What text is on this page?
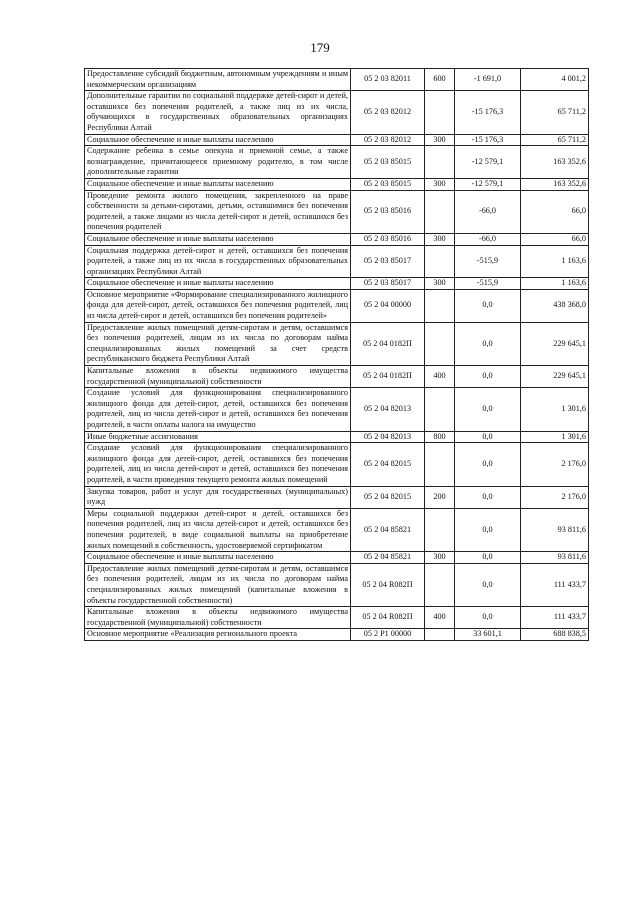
179
Предоставление субсидий бюджетным, автономным учреждениям и иным некоммерческим организациям	05 2 03 82011	600	-1 691,0	4 001,2
Дополнительные гарантии по социальной поддержке детей-сирот и детей, оставшихся без попечения родителей, а также лиц из их числа, обучающихся в государственных образовательных организациях Республики Алтай	05 2 03 82012		-15 176,3	65 711,2
Социальное обеспечение и иные выплаты населению	05 2 03 82012	300	-15 176,3	65 711,2
Содержание ребенка в семье опекуна и приемной семье, а также вознаграждение, причитающееся приемному родителю, в том числе дополнительные гарантии	05 2 03 85015		-12 579,1	163 352,6
Социальное обеспечение и иные выплаты населению	05 2 03 85015	300	-12 579,1	163 352,6
Проведение ремонта жилого помещения, закрепленного на праве собственности за детьми-сиротами, детьми, оставшимися без попечения родителей, а также лицами из числа детей-сирот и детей, оставшихся без попечения родителей	05 2 03 85016		-66,0	66,0
Социальное обеспечение и иные выплаты населению	05 2 03 85016	300	-66,0	66,0
Социальная поддержка детей-сирот и детей, оставшихся без попечения родителей, а также лиц из их числа в государственных образовательных организациях Республики Алтай	05 2 03 85017		-515,9	1 163,6
Социальное обеспечение и иные выплаты населению	05 2 03 85017	300	-515,9	1 163,6
Основное мероприятие «Формирование специализированного жилищного фонда для детей-сирот, детей, оставшихся без попечения родителей, лиц из числа детей-сирот и детей, оставшихся без попечения родителей»	05 2 04 00000		0,0	438 368,0
Предоставление жилых помещений детям-сиротам и детям, оставшимся без попечения родителей, лицам из их числа по договорам найма специализированных жилых помещений за счет средств республиканского бюджета Республики Алтай	05 2 04 0182П		0,0	229 645,1
Капитальные вложения в объекты недвижимого имущества государственной (муниципальной) собственности	05 2 04 0182П	400	0,0	229 645,1
Создание условий для функционирования специализированного жилищного фонда для детей-сирот, детей, оставшихся без попечения родителей, лиц из числа детей-сирот и детей, оставшихся без попечения родителей, в части оплаты налога на имущество	05 2 04 82013		0,0	1 301,6
Иные бюджетные ассигнования	05 2 04 82013	800	0,0	1 301,6
Создание условий для функционирования специализированного жилищного фонда для детей-сирот, детей, оставшихся без попечения родителей, лиц из числа детей-сирот и детей, оставшихся без попечения родителей, в части проведения текущего ремонта жилых помещений	05 2 04 82015		0,0	2 176,0
Закупка товаров, работ и услуг для государственных (муниципальных) нужд	05 2 04 82015	200	0,0	2 176,0
Меры социальной поддержки детей-сирот и детей, оставшихся без попечения родителей, лиц из числа детей-сирот и детей, оставшихся без попечения родителей, в виде социальной выплаты на приобретение жилых помещений в собственность, удостоверяемой сертификатом	05 2 04 85821		0,0	93 811,6
Социальное обеспечение и иные выплаты населению	05 2 04 85821	300	0,0	93 811,6
Предоставление жилых помещений детям-сиротам и детям, оставшимся без попечения родителей, лицам из их числа по договорам найма специализированных жилых помещений (капитальные вложения в объекты государственной собственности)	05 2 04 R082П		0,0	111 433,7
Капитальные вложения в объекты недвижимого имущества государственной (муниципальной) собственности	05 2 04 R082П	400	0,0	111 433,7
Основное мероприятие «Реализация регионального проекта	05 2 P1 00000		33 601,1	688 838,5
